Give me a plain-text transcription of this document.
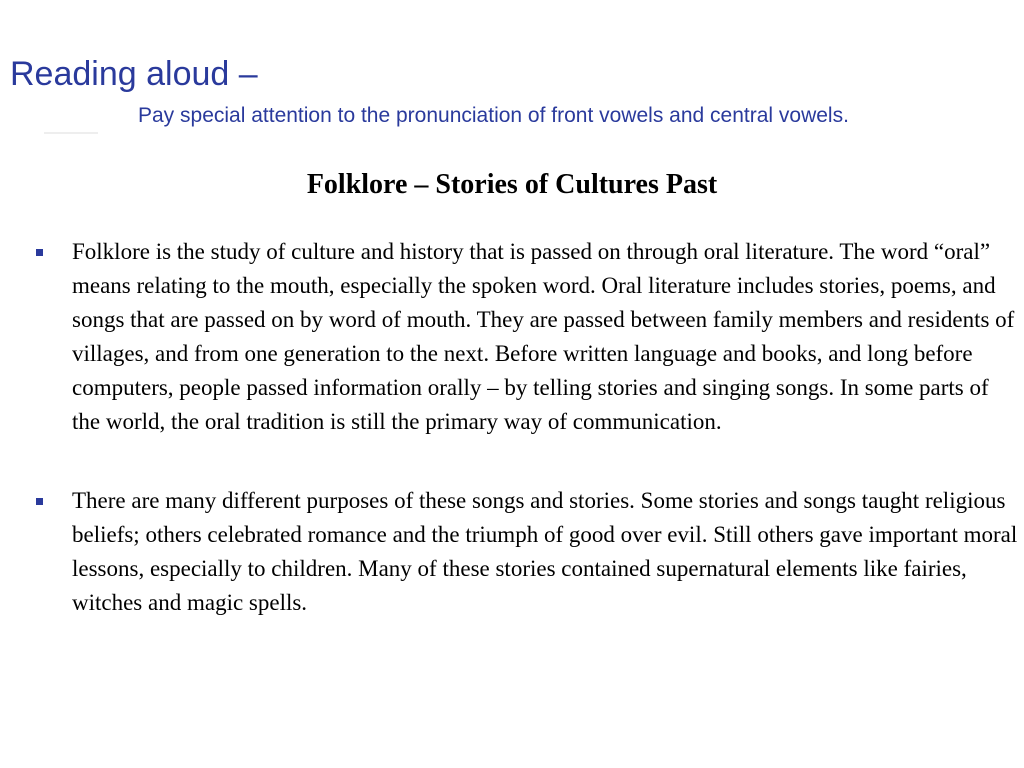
Reading aloud –

Pay special attention to the pronunciation of front vowels and central vowels.

Folklore – Stories of Cultures Past
Folklore is the study of culture and history that is passed on through oral literature. The word “oral” means relating to the mouth, especially the spoken word. Oral literature includes stories, poems, and songs that are passed on by word of mouth. They are passed between family members and residents of villages, and from one generation to the next. Before written language and books, and long before computers, people passed information orally – by telling stories and singing songs. In some parts of the world, the oral tradition is still the primary way of communication.
There are many different purposes of these songs and stories. Some stories and songs taught religious beliefs; others celebrated romance and the triumph of good over evil. Still others gave important moral lessons, especially to children. Many of these stories contained supernatural elements like fairies, witches and magic spells.
